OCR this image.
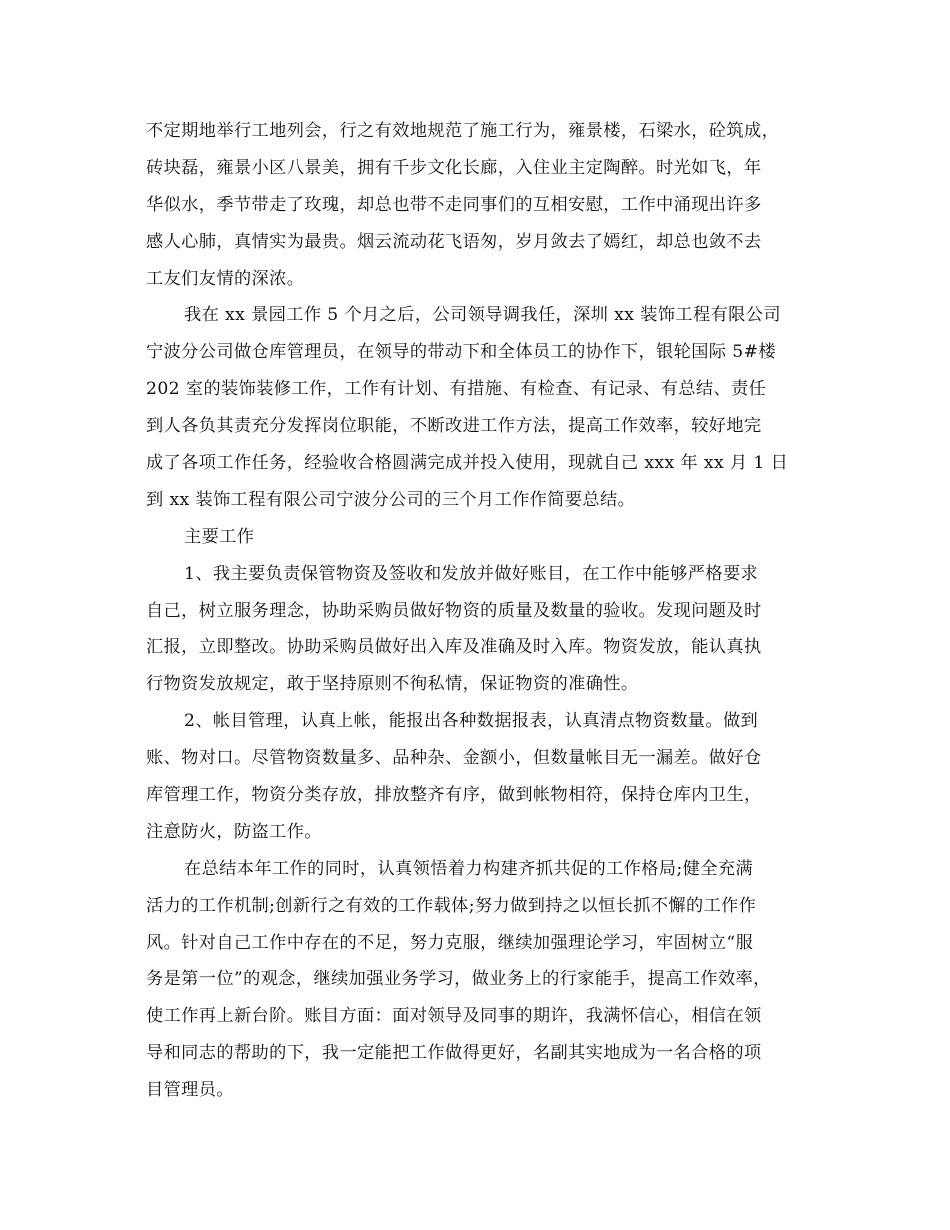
不定期地举行工地列会，行之有效地规范了施工行为，雍景楼，石梁水，砼筑成，
砖块磊，雍景小区八景美，拥有千步文化长廊，入住业主定陶醉。时光如飞，年
华似水，季节带走了玫瑰，却总也带不走同事们的互相安慰，工作中涌现出许多
感人心肺，真情实为最贵。烟云流动花飞语匆，岁月敛去了嫣红，却总也敛不去
工友们友情的深浓。

我在 xx 景园工作 5 个月之后，公司领导调我任，深圳 xx 装饰工程有限公司
宁波分公司做仓库管理员，在领导的带动下和全体员工的协作下，银轮国际 5#楼
202 室的装饰装修工作，工作有计划、有措施、有检查、有记录、有总结、责任
到人各负其责充分发挥岗位职能，不断改进工作方法，提高工作效率，较好地完
成了各项工作任务，经验收合格圆满完成并投入使用，现就自己 xxx 年 xx 月 1 日
到 xx 装饰工程有限公司宁波分公司的三个月工作作简要总结。

主要工作

1、我主要负责保管物资及签收和发放并做好账目，在工作中能够严格要求
自己，树立服务理念，协助采购员做好物资的质量及数量的验收。发现问题及时
汇报，立即整改。协助采购员做好出入库及准确及时入库。物资发放，能认真执
行物资发放规定，敢于坚持原则不徇私情，保证物资的准确性。

2、帐目管理，认真上帐，能报出各种数据报表，认真清点物资数量。做到
账、物对口。尽管物资数量多、品种杂、金额小，但数量帐目无一漏差。做好仓
库管理工作，物资分类存放，排放整齐有序，做到帐物相符，保持仓库内卫生，
注意防火，防盗工作。

在总结本年工作的同时，认真领悟着力构建齐抓共促的工作格局;健全充满
活力的工作机制;创新行之有效的工作载体;努力做到持之以恒长抓不懈的工作作
风。针对自己工作中存在的不足，努力克服，继续加强理论学习，牢固树立“服
务是第一位”的观念，继续加强业务学习，做业务上的行家能手，提高工作效率，
使工作再上新台阶。账目方面：面对领导及同事的期许，我满怀信心，相信在领
导和同志的帮助的下，我一定能把工作做得更好，名副其实地成为一名合格的项
目管理员。
